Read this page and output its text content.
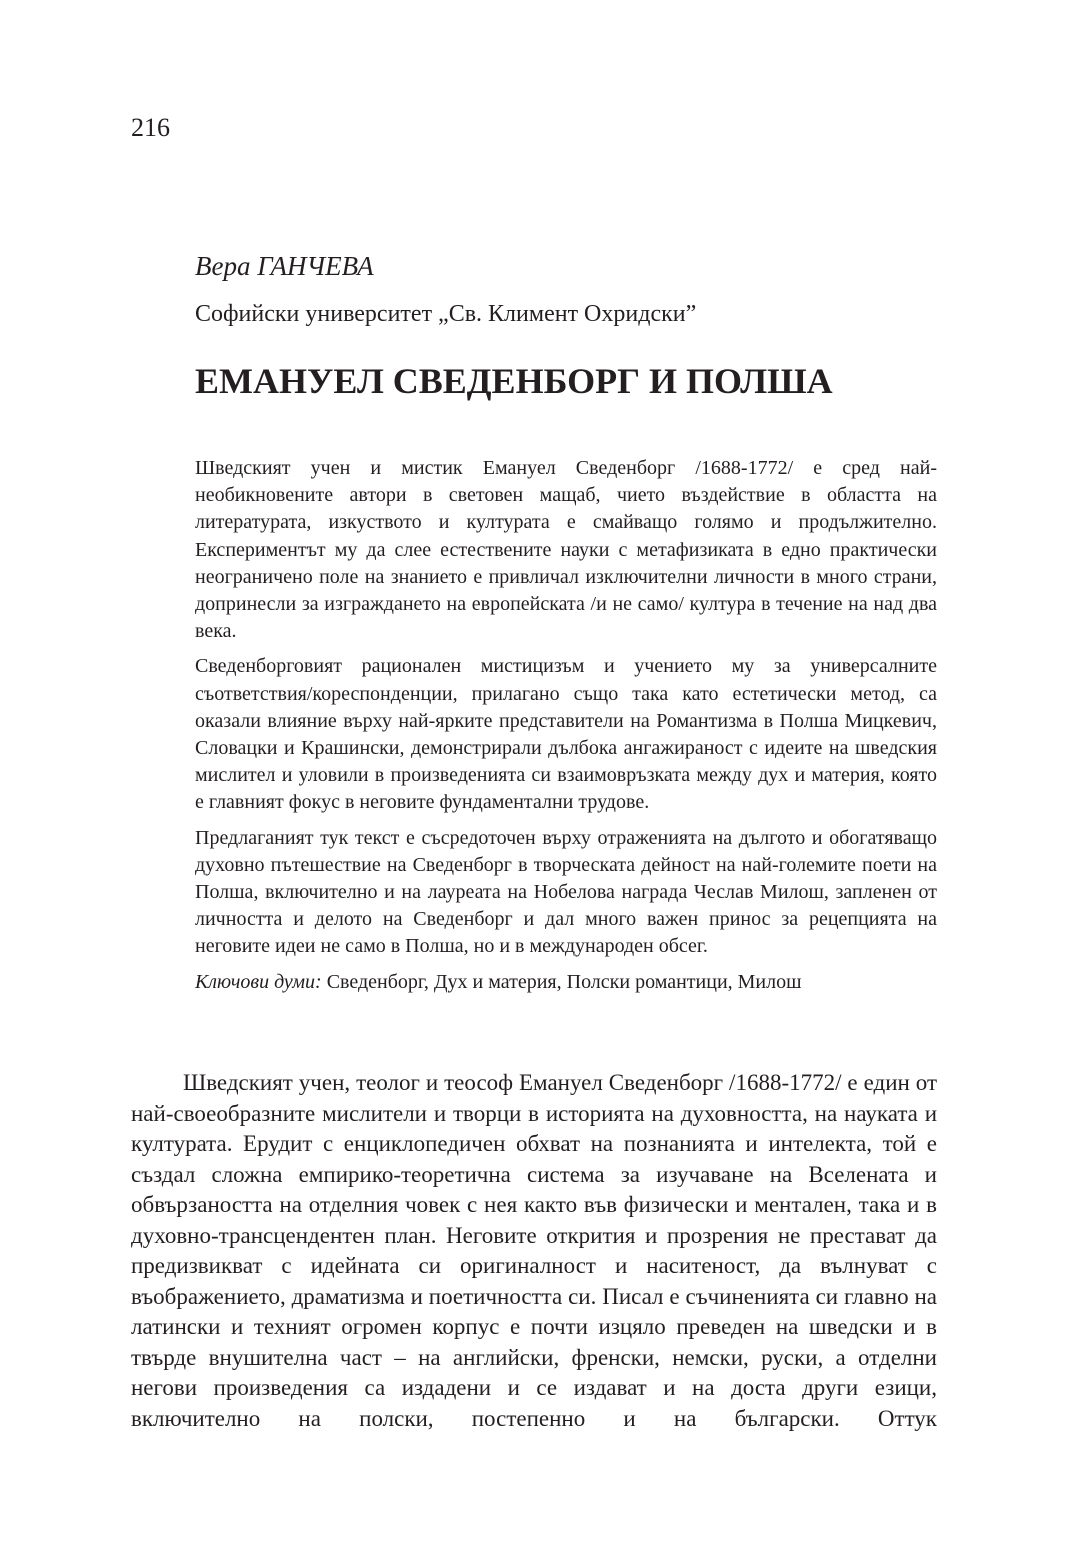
216
Вера ГАНЧЕВА
Софийски университет „Св. Климент Охридски”
ЕМАНУЕЛ СВЕДЕНБОРГ И ПОЛША

Шведският учен и мистик Емануел Сведенборг /1688-1772/ е сред най-необикновените автори в световен мащаб, чието въздействие в областта на литературата, изкуството и културата е смайващо голямо и продължително. Експериментът му да слее естествените науки с метафизиката в едно практически неограничено поле на знанието е привличал изключителни личности в много страни, допринесли за изграждането на европейската /и не само/ култура в течение на над два века.

Сведенборговият рационален мистицизъм и учението му за универсалните съответствия/кореспонденции, прилагано също така като естетически метод, са оказали влияние върху най-ярките представители на Романтизма в Полша Мицкевич, Словацки и Крашински, демонстрирали дълбока ангажираност с идеите на шведския мислител и уловили в произведенията си взаимовръзката между дух и материя, която е главният фокус в неговите фундаментални трудове.

Предлаганият тук текст е съсредоточен върху отраженията на дългото и обогатяващо духовно пътешествие на Сведенборг в творческата дейност на най-големите поети на Полша, включително и на лауреата на Нобелова награда Чеслав Милош, запленен от личността и делото на Сведенборг и дал много важен принос за рецепцията на неговите идеи не само в Полша, но и в международен обсег.

Ключови думи: Сведенборг, Дух и материя, Полски романтици, Милош

Шведският учен, теолог и теософ Емануел Сведенборг /1688-1772/ е един от най-своеобразните мислители и творци в историята на духовността, на науката и културата. Ерудит с енциклопедичен обхват на познанията и интелекта, той е създал сложна емпирико-теоретична система за изучаване на Вселената и обвързаността на отделния човек с нея както във физически и ментален, така и в духовно-трансцендентен план. Неговите открития и прозрения не престават да предизвикват с идейната си оригиналност и наситеност, да вълнуват с въображението, драматизма и поетичността си. Писал е съчиненията си главно на латински и техният огромен корпус е почти изцяло преведен на шведски и в твърде внушителна част – на английски, френски, немски, руски, а отделни негови произведения са издадени и се издават и на доста други езици, включително на полски, постепенно и на български. Оттук
